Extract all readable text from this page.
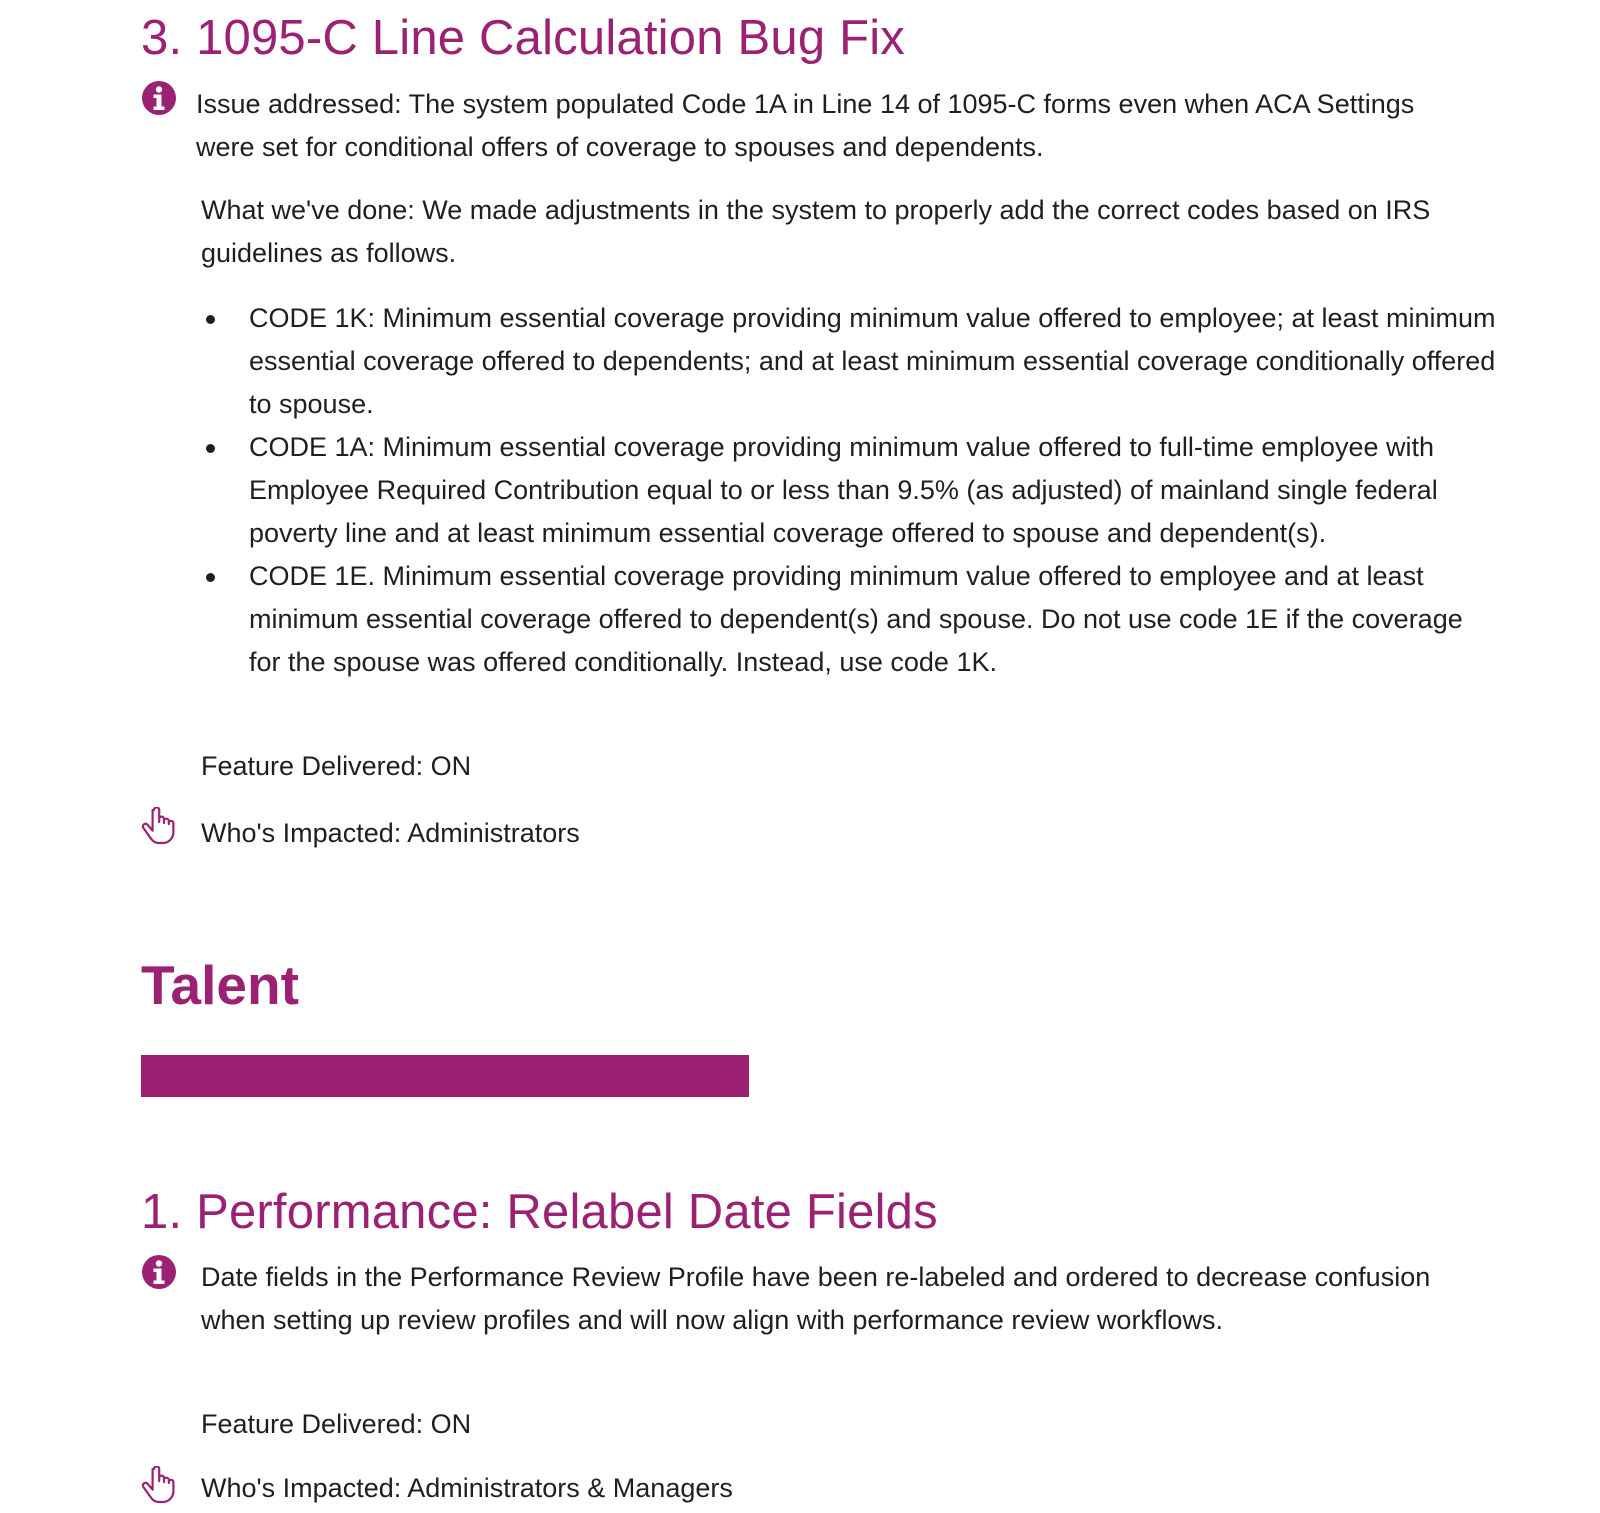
3. 1095-C Line Calculation Bug Fix

Issue addressed: The system populated Code 1A in Line 14 of 1095-C forms even when ACA Settings were set for conditional offers of coverage to spouses and dependents.

What we've done: We made adjustments in the system to properly add the correct codes based on IRS guidelines as follows.

CODE 1K: Minimum essential coverage providing minimum value offered to employee; at least minimum essential coverage offered to dependents; and at least minimum essential coverage conditionally offered to spouse.
CODE 1A: Minimum essential coverage providing minimum value offered to full-time employee with Employee Required Contribution equal to or less than 9.5% (as adjusted) of mainland single federal poverty line and at least minimum essential coverage offered to spouse and dependent(s).
CODE 1E. Minimum essential coverage providing minimum value offered to employee and at least minimum essential coverage offered to dependent(s) and spouse. Do not use code 1E if the coverage for the spouse was offered conditionally. Instead, use code 1K.

Feature Delivered: ON

Who's Impacted: Administrators

Talent
1. Performance: Relabel Date Fields

Date fields in the Performance Review Profile have been re-labeled and ordered to decrease confusion when setting up review profiles and will now align with performance review workflows.

Feature Delivered: ON

Who's Impacted: Administrators & Managers
